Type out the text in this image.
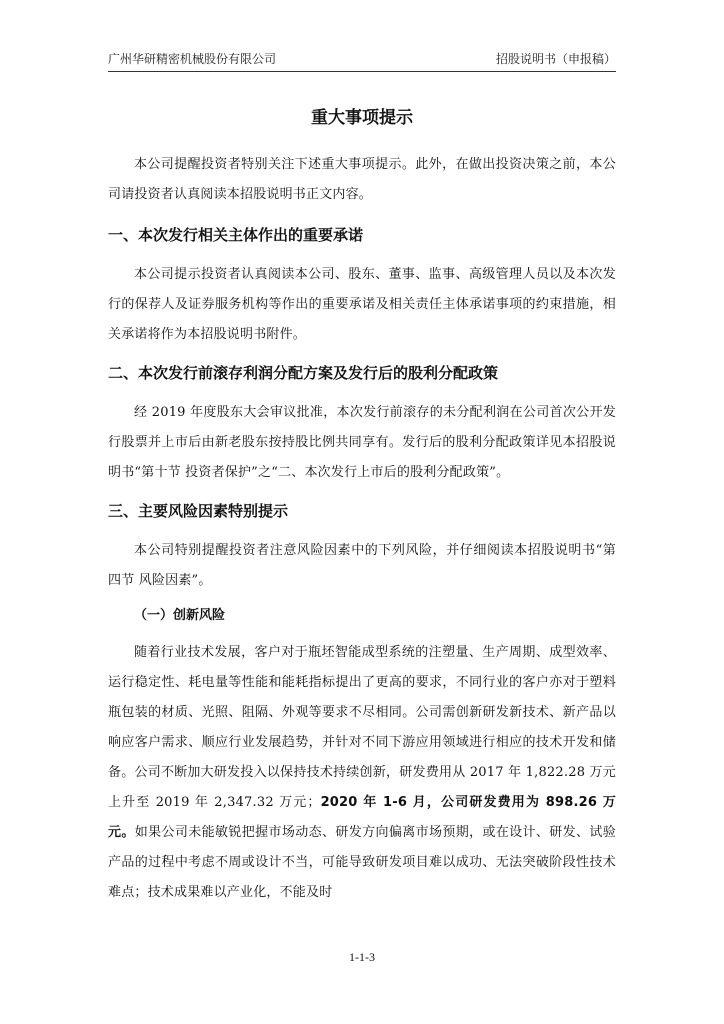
广州华研精密机械股份有限公司	招股说明书（申报稿）
重大事项提示

本公司提醒投资者特别关注下述重大事项提示。此外，在做出投资决策之前，本公司请投资者认真阅读本招股说明书正文内容。

一、本次发行相关主体作出的重要承诺

本公司提示投资者认真阅读本公司、股东、董事、监事、高级管理人员以及本次发行的保荐人及证券服务机构等作出的重要承诺及相关责任主体承诺事项的约束措施，相关承诺将作为本招股说明书附件。

二、本次发行前滚存利润分配方案及发行后的股利分配政策

经 2019 年度股东大会审议批准，本次发行前滚存的未分配利润在公司首次公开发行股票并上市后由新老股东按持股比例共同享有。发行后的股利分配政策详见本招股说明书“第十节 投资者保护”之“二、本次发行上市后的股利分配政策”。

三、主要风险因素特别提示

本公司特别提醒投资者注意风险因素中的下列风险，并仔细阅读本招股说明书“第四节 风险因素”。

（一）创新风险

随着行业技术发展，客户对于瓶坯智能成型系统的注塑量、生产周期、成型效率、运行稳定性、耗电量等性能和能耗指标提出了更高的要求，不同行业的客户亦对于塑料瓶包装的材质、光照、阻隔、外观等要求不尽相同。公司需创新研发新技术、新产品以响应客户需求、顺应行业发展趋势，并针对不同下游应用领域进行相应的技术开发和储备。公司不断加大研发投入以保持技术持续创新，研发费用从 2017 年 1,822.28 万元上升至 2019 年 2,347.32 万元；2020 年 1-6 月，公司研发费用为 898.26 万元。如果公司未能敏锐把握市场动态、研发方向偏离市场预期，或在设计、研发、试验产品的过程中考虑不周或设计不当，可能导致研发项目难以成功、无法突破阶段性技术难点；技术成果难以产业化，不能及时

1-1-3
